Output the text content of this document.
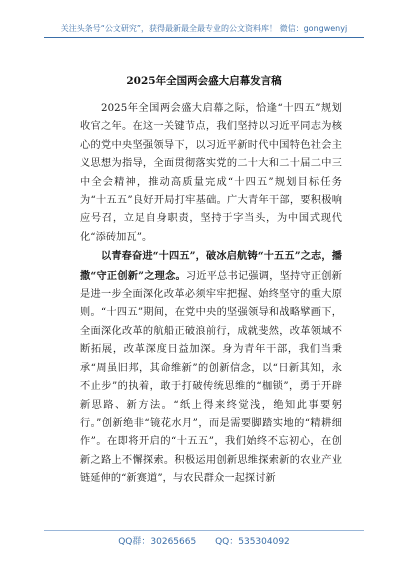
关注头条号“公文研究”，获得最新最全最专业的公文资料库！ 微信：gongwenyj
2025年全国两会盛大启幕发言稿

2025年全国两会盛大启幕之际，恰逢“十四五”规划收官之年。在这一关键节点，我们坚持以习近平同志为核心的党中央坚强领导下，以习近平新时代中国特色社会主义思想为指导，全面贯彻落实党的二十大和二十届二中三中全会精神，推动高质量完成“十四五”规划目标任务为“十五五”良好开局打牢基础。广大青年干部，要积极响应号召，立足自身职责，坚持于字当头，为中国式现代化“添砖加瓦”。

以青春奋进“十四五”，破冰启航铸“十五五”之志，播撒“守正创新”之理念。习近平总书记强调，坚持守正创新是进一步全面深化改革必须牢牢把握、始终坚守的重大原则。“十四五”期间，在党中央的坚强领导和战略擘画下，全面深化改革的航船正破浪前行，成就斐然，改革领域不断拓展，改革深度日益加深。身为青年干部，我们当秉承“周虽旧邦，其命维新”的创新信念，以“日新其知，永不止步”的执着，敢于打破传统思维的“枷锁”，勇于开辟新思路、新方法。“纸上得来终觉浅，绝知此事要躬行。”创新绝非“镜花水月”，而是需要脚踏实地的“精耕细作”。在即将开启的“十五五”，我们始终不忘初心，在创新之路上不懈探索。积极运用创新思维探索新的农业产业链延伸的“新赛道”，与农民群众一起探讨新

QQ群：30265665 QQ：535304092
